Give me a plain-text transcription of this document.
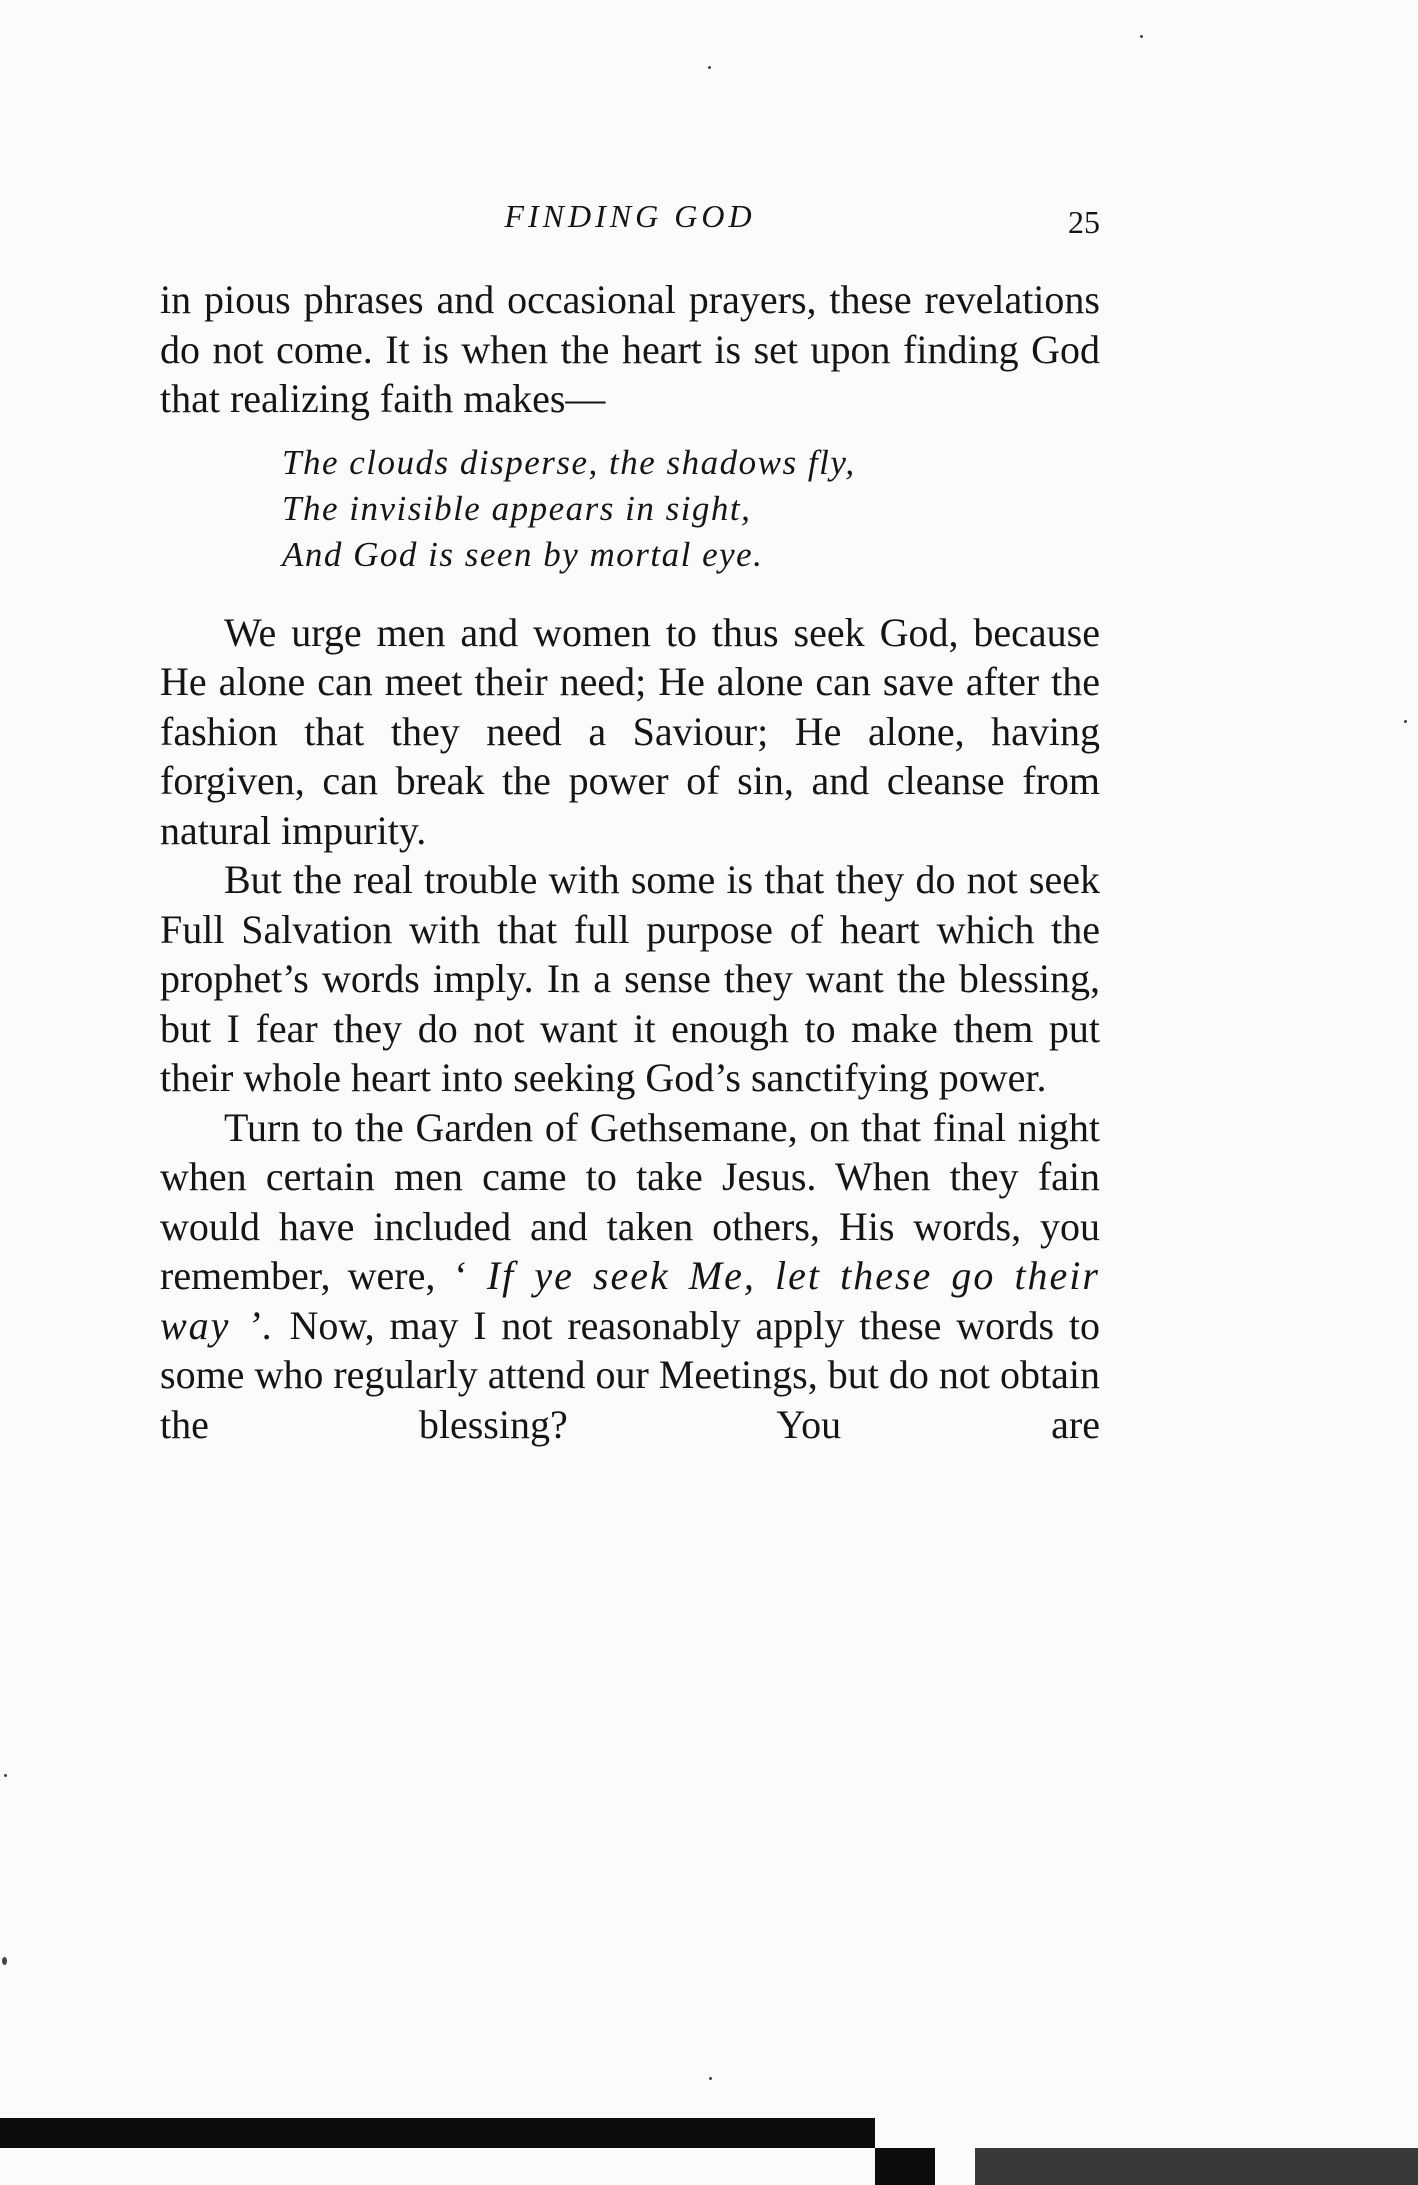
FINDING GOD	25

in pious phrases and occasional prayers, these revelations do not come. It is when the heart is set upon finding God that realizing faith makes—

The clouds disperse, the shadows fly,
The invisible appears in sight,
And God is seen by mortal eye.

We urge men and women to thus seek God, because He alone can meet their need; He alone can save after the fashion that they need a Saviour; He alone, having forgiven, can break the power of sin, and cleanse from natural impurity.

But the real trouble with some is that they do not seek Full Salvation with that full purpose of heart which the prophet’s words imply. In a sense they want the blessing, but I fear they do not want it enough to make them put their whole heart into seeking God’s sanctifying power.

Turn to the Garden of Gethsemane, on that final night when certain men came to take Jesus. When they fain would have included and taken others, His words, you remember, were, ‘ If ye seek Me, let these go their way ’. Now, may I not reasonably apply these words to some who regularly attend our Meetings, but do not obtain the blessing? You are
